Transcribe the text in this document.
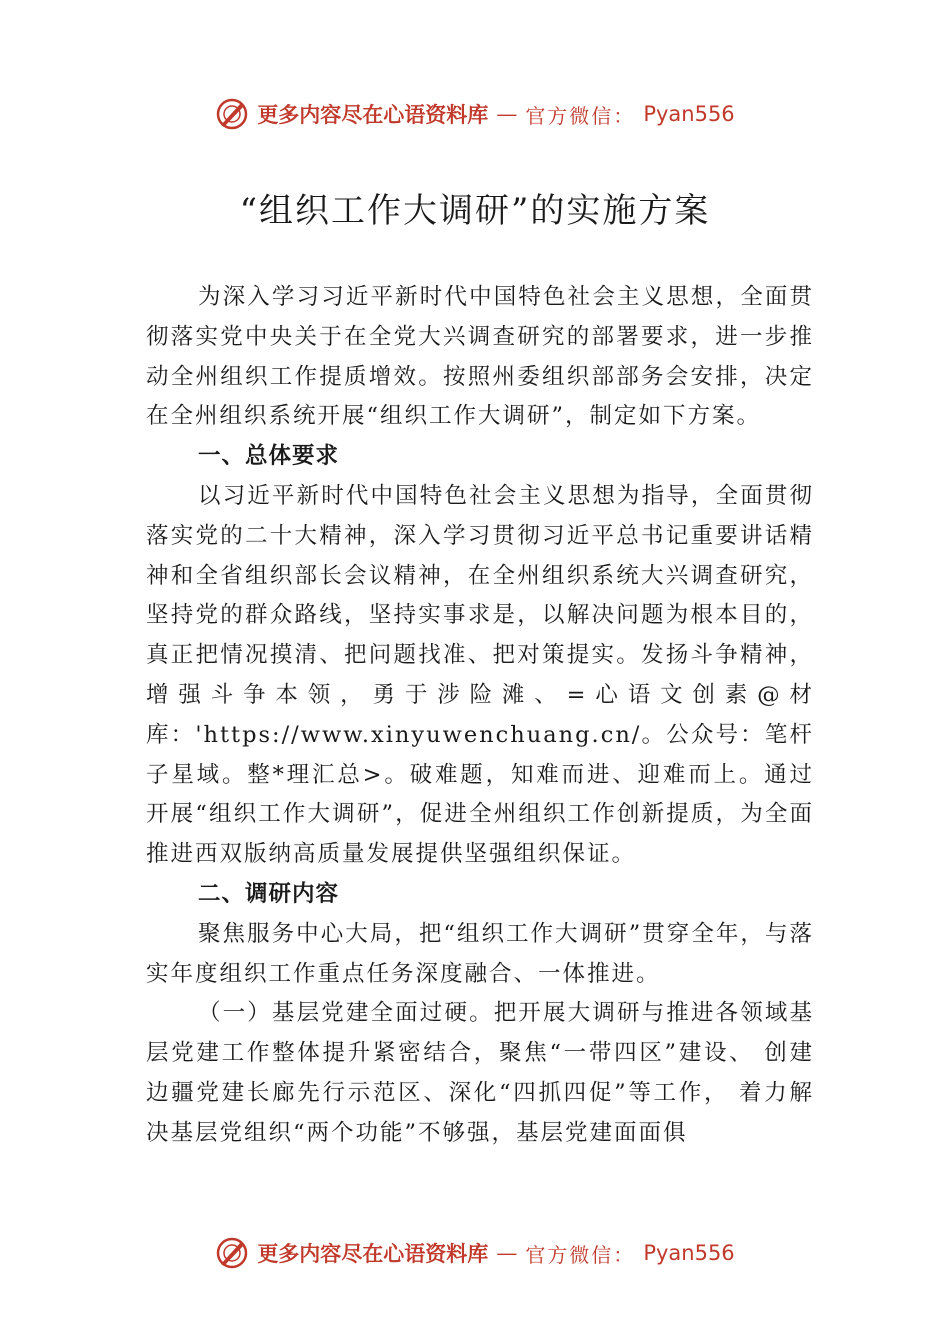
更多内容尽在心语资料库 — 官方微信： Pyan556
“组织工作大调研”的实施方案

为深入学习习近平新时代中国特色社会主义思想，全面贯彻落实党中央关于在全党大兴调查研究的部署要求，进一步推动全州组织工作提质增效。按照州委组织部部务会安排，决定在全州组织系统开展“组织工作大调研”，制定如下方案。

一、总体要求

以习近平新时代中国特色社会主义思想为指导，全面贯彻落实党的二十大精神，深入学习贯彻习近平总书记重要讲话精神和全省组织部长会议精神，在全州组织系统大兴调查研究，坚持党的群众路线，坚持实事求是，以解决问题为根本目的，真正把情况摸清、把问题找准、把对策提实。发扬斗争精神，增强斗争本领，勇于涉险滩、=心语文创素@材库：'https://www.xinyuwenchuang.cn/。公众号：笔杆子星域。整*理汇总>。破难题，知难而进、迎难而上。通过开展“组织工作大调研”，促进全州组织工作创新提质，为全面推进西双版纳高质量发展提供坚强组织保证。

二、调研内容

聚焦服务中心大局，把“组织工作大调研”贯穿全年，与落实年度组织工作重点任务深度融合、一体推进。

（一）基层党建全面过硬。把开展大调研与推进各领域基层党建工作整体提升紧密结合，聚焦“一带四区”建设、 创建边疆党建长廊先行示范区、深化“四抓四促”等工作， 着力解决基层党组织“两个功能”不够强，基层党建面面俱

更多内容尽在心语资料库 — 官方微信： Pyan556
